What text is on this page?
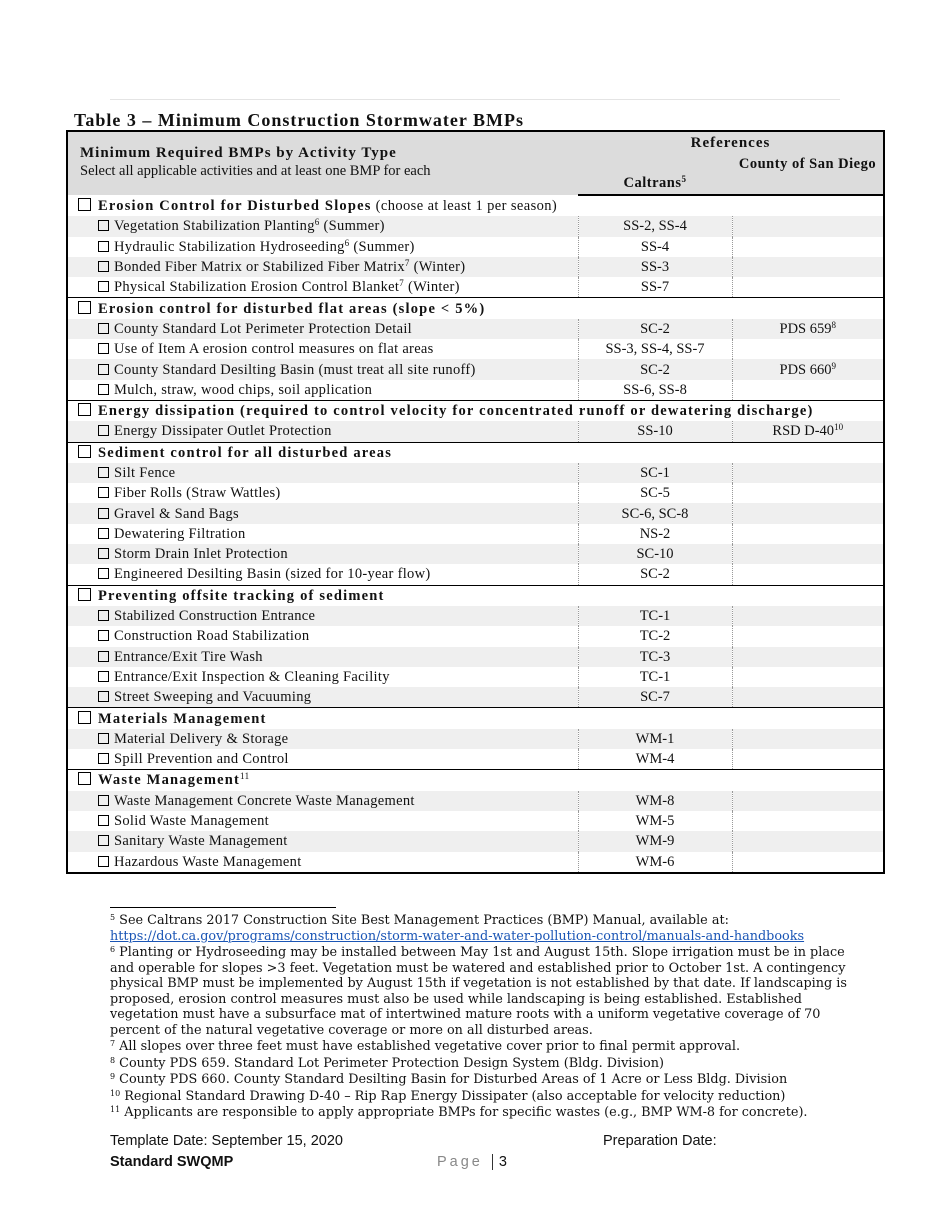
Table 3 – Minimum Construction Stormwater BMPs
Minimum Required BMPs by Activity Type
Select all applicable activities and at least one BMP for each	References	
	Caltrans$^5$	County of San Diego
Erosion Control for Disturbed Slopes (choose at least 1 per season)		
Vegetation Stabilization Planting$^6$ (Summer)	SS-2, SS-4	
Hydraulic Stabilization Hydroseeding$^6$ (Summer)	SS-4	
Bonded Fiber Matrix or Stabilized Fiber Matrix$^7$ (Winter)	SS-3	
Physical Stabilization Erosion Control Blanket$^7$ (Winter)	SS-7	
Erosion control for disturbed flat areas (slope < 5%)		
County Standard Lot Perimeter Protection Detail	SC-2	PDS $659^8$
Use of Item A erosion control measures on flat areas	SS-3, SS-4, SS-7	
County Standard Desilting Basin (must treat all site runoff)	SC-2	PDS $660^9$
Mulch, straw, wood chips, soil application	SS-6, SS-8	
Energy dissipation (required to control velocity for concentrated runoff or dewatering discharge)		
Energy Dissipater Outlet Protection	SS-10	RSD $D-40^{10}$
Sediment control for all disturbed areas		
Silt Fence	SC-1	
Fiber Rolls (Straw Wattles)	SC-5	
Gravel & Sand Bags	SC-6, SC-8	
Dewatering Filtration	NS-2	
Storm Drain Inlet Protection	SC-10	
Engineered Desilting Basin (sized for 10-year flow)	SC-2	
Preventing offsite tracking of sediment		
Stabilized Construction Entrance	TC-1	
Construction Road Stabilization	TC-2	
Entrance/Exit Tire Wash	TC-3	
Entrance/Exit Inspection & Cleaning Facility	TC-1	
Street Sweeping and Vacuuming	SC-7	
Materials Management		
Material Delivery & Storage	WM-1	
Spill Prevention and Control	WM-4	
Waste Management$^{11}$
Waste Management Concrete Waste Management	WM-8	
Solid Waste Management	WM-5	
Sanitary Waste Management	WM-9	
Hazardous Waste Management	WM-6	
$^5$ See Caltrans 2017 Construction Site Best Management Practices (BMP) Manual, available at:
https://dot.ca.gov/programs/construction/storm-water-and-water-pollution-control/manuals-and-handbooks
$^6$ Planting or Hydroseeding may be installed between May 1st and August 15th. Slope irrigation must be in place and operable for slopes >3 feet. Vegetation must be watered and established prior to October 1st. A contingency physical BMP must be implemented by August 15th if vegetation is not established by that date. If landscaping is proposed, erosion control measures must also be used while landscaping is being established. Established vegetation must have a subsurface mat of intertwined mature roots with a uniform vegetative coverage of 70 percent of the natural vegetative coverage or more on all disturbed areas.
$^7$ All slopes over three feet must have established vegetative cover prior to final permit approval.
$^8$ County PDS 659. Standard Lot Perimeter Protection Design System (Bldg. Division)
$^9$ County PDS 660. County Standard Desilting Basin for Disturbed Areas of 1 Acre or Less Bldg. Division
$^{10}$ Regional Standard Drawing D-40 – Rip Rap Energy Dissipater (also acceptable for velocity reduction)
$^{11}$ Applicants are responsible to apply appropriate BMPs for specific wastes (e.g., BMP WM-8 for concrete).
Template Date: September 15, 2020
Standard SWQMP
Preparation Date:
Page 3
